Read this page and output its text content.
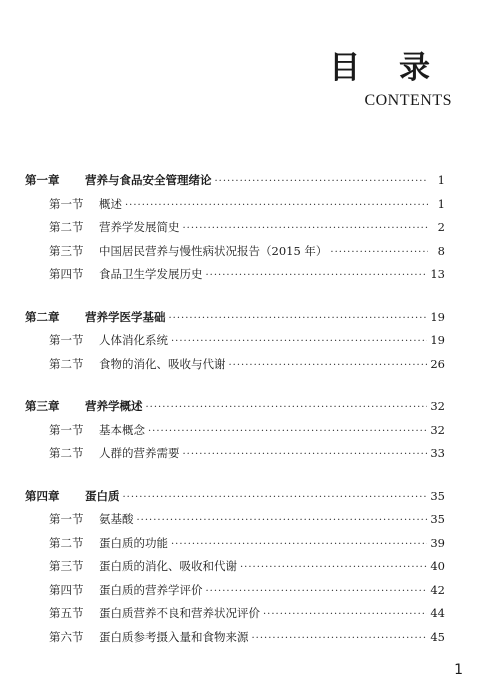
目 录
CONTENTS
第一章	营养与食品安全管理绪论 ·····	1
第一节	概述 ·····	1
第二节	营养学发展简史 ·····	2
第三节	中国居民营养与慢性病状况报告（2015 年） ·····	8
第四节	食品卫生学发展历史 ·····	13
第二章	营养学医学基础 ·····	19
第一节	人体消化系统 ·····	19
第二节	食物的消化、吸收与代谢 ·····	26
第三章	营养学概述 ·····	32
第一节	基本概念 ·····	32
第二节	人群的营养需要 ·····	33
第四章	蛋白质 ·····	35
第一节	氨基酸 ·····	35
第二节	蛋白质的功能 ·····	39
第三节	蛋白质的消化、吸收和代谢 ·····	40
第四节	蛋白质的营养学评价 ·····	42
第五节	蛋白质营养不良和营养状况评价 ·····	44
第六节	蛋白质参考摄入量和食物来源 ·····	45
1
